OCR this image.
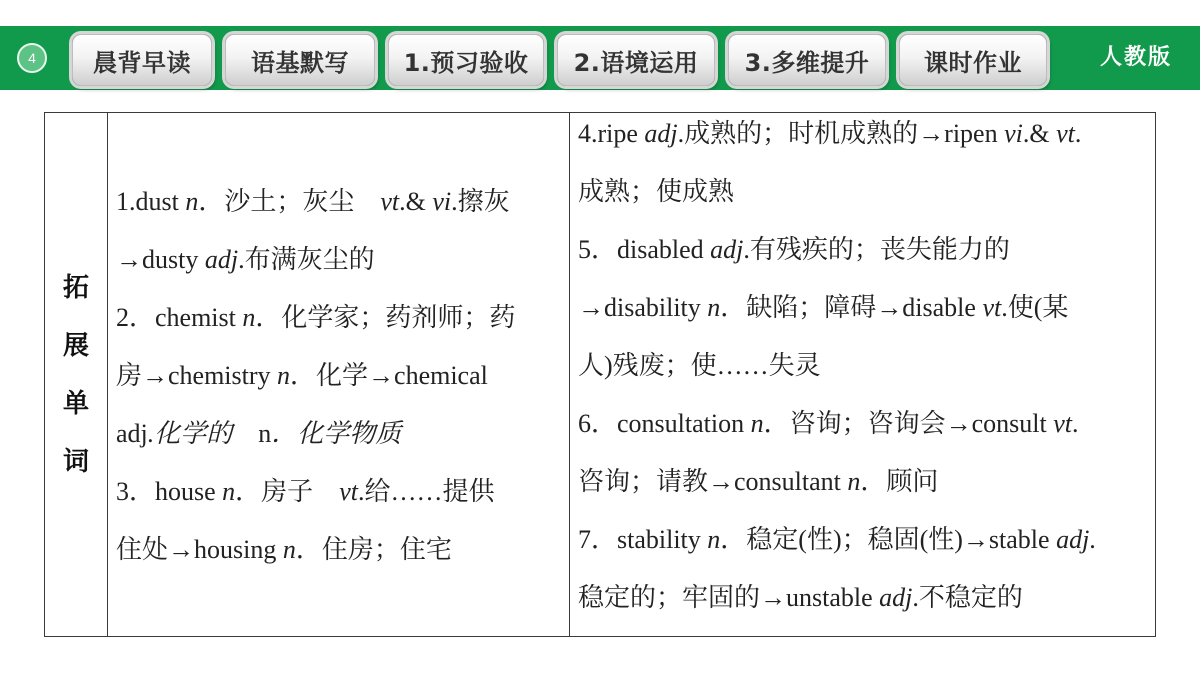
4	晨背早读	语基默写	1.预习验收	2.语境运用	3.多维提升	课时作业	人教版
拓
展
单
词

1.dust n．沙土；灰尘　vt.& vi.擦灰
→dusty adj.布满灰尘的
2．chemist n．化学家；药剂师；药
房→chemistry n．化学→chemical
adj.化学的　n．化学物质
3．house n．房子　vt.给……提供
住处→housing n．住房；住宅

4.ripe adj.成熟的；时机成熟的→ripen vi.& vt.
成熟；使成熟
5．disabled adj.有残疾的；丧失能力的
→disability n．缺陷；障碍→disable vt.使(某
人)残废；使……失灵
6．consultation n．咨询；咨询会→consult vt.
咨询；请教→consultant n．顾问
7．stability n．稳定(性)；稳固(性)→stable adj.
稳定的；牢固的→unstable adj.不稳定的
